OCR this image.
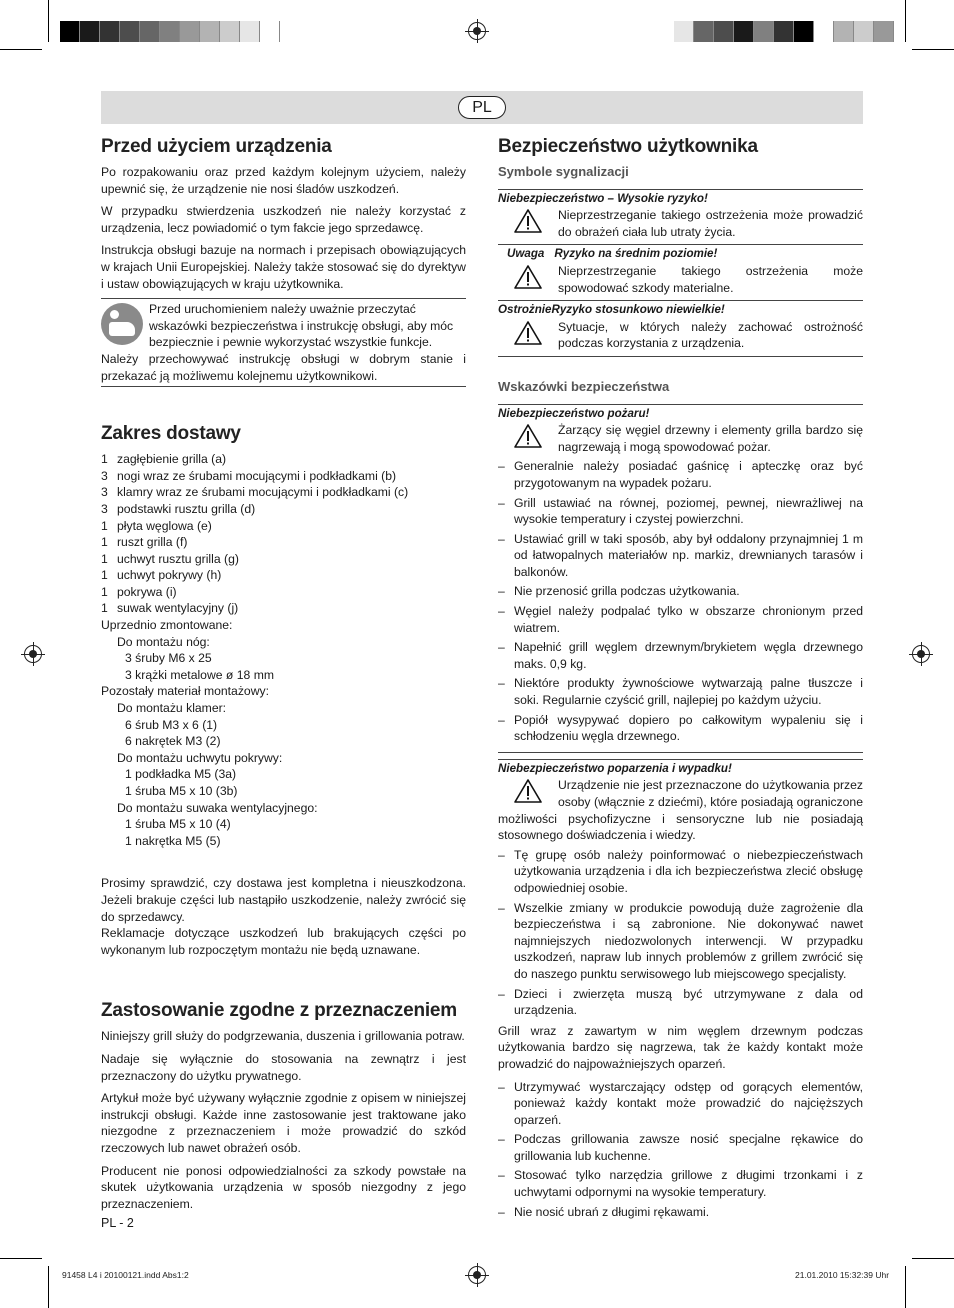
PL
Przed użyciem urządzenia

Po rozpakowaniu oraz przed każdym kolejnym użyciem, należy upewnić się, że urządzenie nie nosi śladów uszkodzeń.

W przypadku stwierdzenia uszkodzeń nie należy korzystać z urządzenia, lecz powiadomić o tym fakcie jego sprzedawcę.

Instrukcja obsługi bazuje na normach i przepisach obowiązujących w krajach Unii Europejskiej. Należy także stosować się do dyrektyw i ustaw obowiązujących w kraju użytkownika.

Przed uruchomieniem należy uważnie przeczytać wskazówki bezpieczeństwa i instrukcję obsługi, aby móc bezpiecznie i pewnie wykorzystać wszystkie funkcje.

Należy przechowywać instrukcję obsługi w dobrym stanie i przekazać ją możliwemu kolejnemu użytkownikowi.

Zakres dostawy
1 zagłębienie grilla (a)
3 nogi wraz ze śrubami mocującymi i podkładkami (b)
3 klamry wraz ze śrubami mocującymi i podkładkami (c)
3 podstawki rusztu grilla (d)
1 płyta węglowa (e)
1 ruszt grilla (f)
1 uchwyt rusztu grilla (g)
1 uchwyt pokrywy (h)
1 pokrywa (i)
1 suwak wentylacyjny (j)
Uprzednio zmontowane:
Do montażu nóg:
3 śruby M6 x 25
3 krążki metalowe ø 18 mm
Pozostały materiał montażowy:
Do montażu klamer:
6 śrub M3 x 6 (1)
6 nakrętek M3 (2)
Do montażu uchwytu pokrywy:
1 podkładka M5 (3a)
1 śruba M5 x 10 (3b)
Do montażu suwaka wentylacyjnego:
1 śruba M5 x 10 (4)
1 nakrętka M5 (5)

Prosimy sprawdzić, czy dostawa jest kompletna i nieuszkodzona. Jeżeli brakuje części lub nastąpiło uszkodzenie, należy zwrócić się do sprzedawcy.

Reklamacje dotyczące uszkodzeń lub brakujących części po wykonanym lub rozpoczętym montażu nie będą uznawane.

Zastosowanie zgodne z przeznaczeniem

Niniejszy grill służy do podgrzewania, duszenia i grillowania potraw.

Nadaje się wyłącznie do stosowania na zewnątrz i jest przeznaczony do użytku prywatnego.

Artykuł może być używany wyłącznie zgodnie z opisem w niniejszej instrukcji obsługi. Każde inne zastosowanie jest traktowane jako niezgodne z przeznaczeniem i może prowadzić do szkód rzeczowych lub nawet obrażeń osób.

Producent nie ponosi odpowiedzialności za szkody powstałe na skutek użytkowania urządzenia w sposób niezgodny z jego przeznaczeniem.

Bezpieczeństwo użytkownika
Symbole sygnalizacji
Niebezpieczeństwo – Wysokie ryzyko!
Nieprzestrzeganie takiego ostrzeżenia może prowadzić do obrażeń ciała lub utraty życia.
Uwaga Ryzyko na średnim poziomie!
Nieprzestrzeganie takiego ostrzeżenia może spowodować szkody materialne.
OstrożnieRyzyko stosunkowo niewielkie!
Sytuacje, w których należy zachować ostrożność podczas korzystania z urządzenia.
Wskazówki bezpieczeństwa
Niebezpieczeństwo pożaru!

Żarzący się węgiel drzewny i elementy grilla bardzo się nagrzewają i mogą spowodować pożar.

– Generalnie należy posiadać gaśnicę i apteczkę oraz być przygotowanym na wypadek pożaru.
– Grill ustawiać na równej, poziomej, pewnej, niewrażliwej na wysokie temperatury i czystej powierzchni.
– Ustawiać grill w taki sposób, aby był oddalony przynajmniej 1 m od łatwopalnych materiałów np. markiz, drewnianych tarasów i balkonów.
– Nie przenosić grilla podczas użytkowania.
– Węgiel należy podpalać tylko w obszarze chronionym przed wiatrem.
– Napełnić grill węglem drzewnym/brykietem węgla drzewnego maks. 0,9 kg.
– Niektóre produkty żywnościowe wytwarzają palne tłuszcze i soki. Regularnie czyścić grill, najlepiej po każdym użyciu.
– Popiół wysypywać dopiero po całkowitym wypaleniu się i schłodzeniu węgla drzewnego.
Niebezpieczeństwo poparzenia i wypadku!

Urządzenie nie jest przeznaczone do użytkowania przez osoby (włącznie z dziećmi), które posiadają ograniczone możliwości psychofizyczne i sensoryczne lub nie posiadają stosownego doświadczenia i wiedzy.

– Tę grupę osób należy poinformować o niebezpieczeństwach użytkowania urządzenia i dla ich bezpieczeństwa zlecić obsługę odpowiedniej osobie.
– Wszelkie zmiany w produkcie powodują duże zagrożenie dla bezpieczeństwa i są zabronione. Nie dokonywać nawet najmniejszych niedozwolonych interwencji. W przypadku uszkodzeń, napraw lub innych problemów z grillem zwrócić się do naszego punktu serwisowego lub miejscowego specjalisty.
– Dzieci i zwierzęta muszą być utrzymywane z dala od urządzenia.

Grill wraz z zawartym w nim węglem drzewnym podczas użytkowania bardzo się nagrzewa, tak że każdy kontakt może prowadzić do najpoważniejszych oparzeń.

– Utrzymywać wystarczający odstęp od gorących elementów, ponieważ każdy kontakt może prowadzić do najcięższych oparzeń.
– Podczas grillowania zawsze nosić specjalne rękawice do grillowania lub kuchenne.
– Stosować tylko narzędzia grillowe z długimi trzonkami i z uchwytami odpornymi na wysokie temperatury.
– Nie nosić ubrań z długimi rękawami.
PL - 2
91458 L4 i 20100121.indd Abs1:2	21.01.2010 15:32:39 Uhr
